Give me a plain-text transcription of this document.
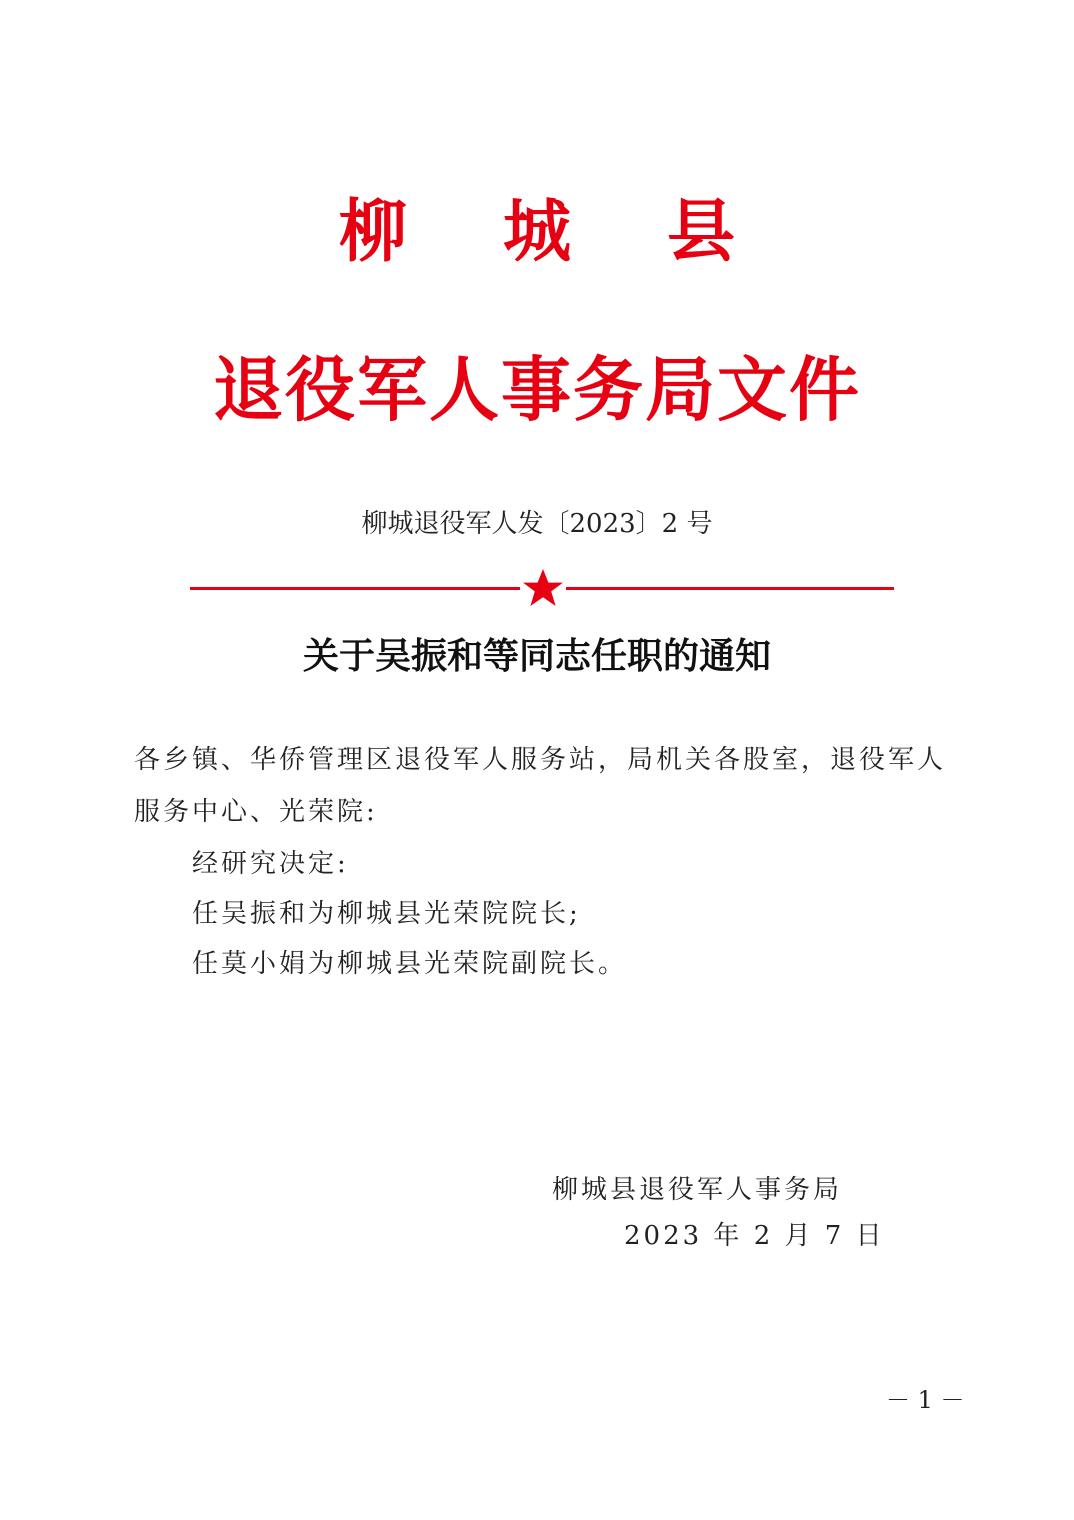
柳城县
退役军人事务局文件
柳城退役军人发〔2023〕2 号
关于吴振和等同志任职的通知
各乡镇、华侨管理区退役军人服务站，局机关各股室，退役军人
服务中心、光荣院:
经研究决定:
任吴振和为柳城县光荣院院长;
任莫小娟为柳城县光荣院副院长。
柳城县退役军人事务局
2023 年 2 月 7 日
－ 1 －
